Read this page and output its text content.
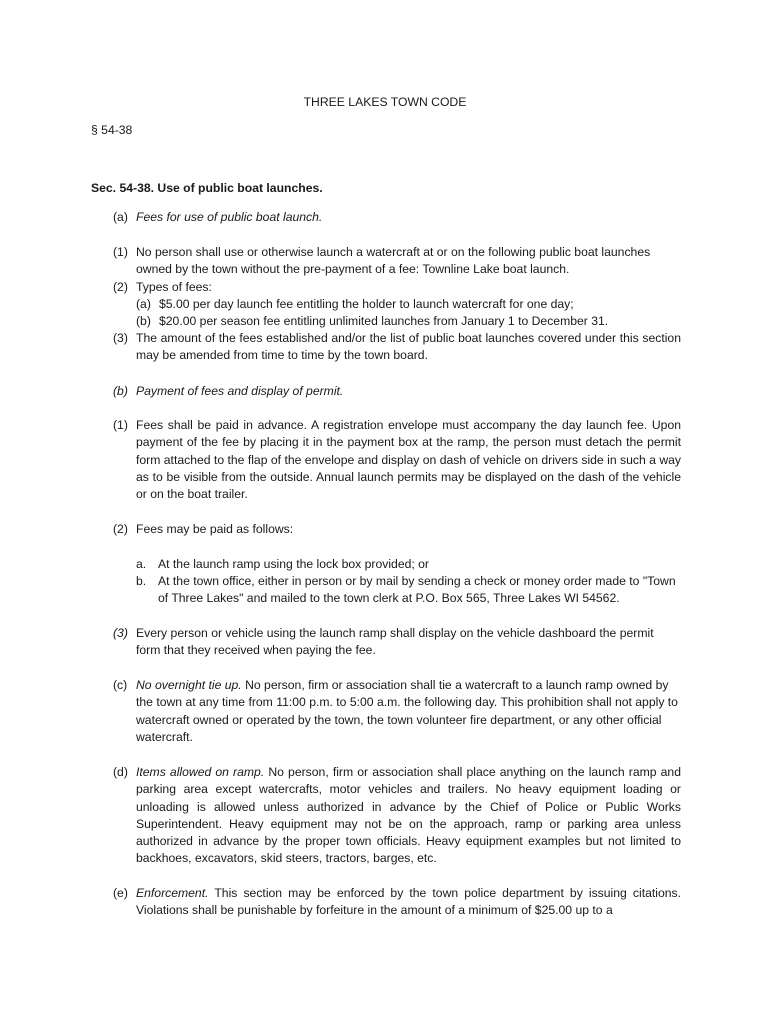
THREE LAKES TOWN CODE
§ 54-38
Sec. 54-38. Use of public boat launches.
(a) Fees for use of public boat launch.
(1) No person shall use or otherwise launch a watercraft at or on the following public boat launches owned by the town without the pre-payment of a fee: Townline Lake boat launch.
(2) Types of fees:
(a) $5.00 per day launch fee entitling the holder to launch watercraft for one day;
(b) $20.00 per season fee entitling unlimited launches from January 1 to December 31.
(3) The amount of the fees established and/or the list of public boat launches covered under this section may be amended from time to time by the town board.
(b) Payment of fees and display of permit.
(1) Fees shall be paid in advance. A registration envelope must accompany the day launch fee. Upon payment of the fee by placing it in the payment box at the ramp, the person must detach the permit form attached to the flap of the envelope and display on dash of vehicle on drivers side in such a way as to be visible from the outside. Annual launch permits may be displayed on the dash of the vehicle or on the boat trailer.
(2) Fees may be paid as follows:
a. At the launch ramp using the lock box provided; or
b. At the town office, either in person or by mail by sending a check or money order made to "Town of Three Lakes" and mailed to the town clerk at P.O. Box 565, Three Lakes WI 54562.
(3) Every person or vehicle using the launch ramp shall display on the vehicle dashboard the permit form that they received when paying the fee.
(c) No overnight tie up. No person, firm or association shall tie a watercraft to a launch ramp owned by the town at any time from 11:00 p.m. to 5:00 a.m. the following day. This prohibition shall not apply to watercraft owned or operated by the town, the town volunteer fire department, or any other official watercraft.
(d) Items allowed on ramp. No person, firm or association shall place anything on the launch ramp and parking area except watercrafts, motor vehicles and trailers. No heavy equipment loading or unloading is allowed unless authorized in advance by the Chief of Police or Public Works Superintendent. Heavy equipment may not be on the approach, ramp or parking area unless authorized in advance by the proper town officials. Heavy equipment examples but not limited to backhoes, excavators, skid steers, tractors, barges, etc.
(e) Enforcement. This section may be enforced by the town police department by issuing citations. Violations shall be punishable by forfeiture in the amount of a minimum of $25.00 up to a
